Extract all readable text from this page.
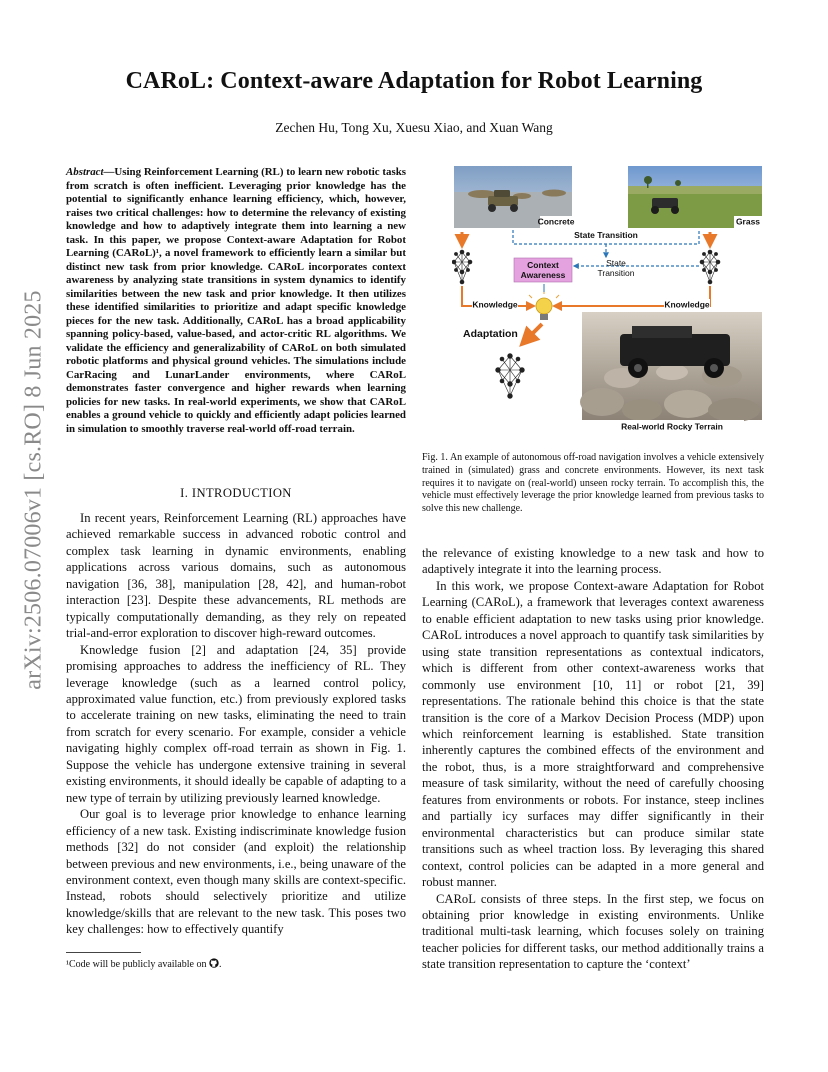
CARoL: Context-aware Adaptation for Robot Learning
Zechen Hu, Tong Xu, Xuesu Xiao, and Xuan Wang
arXiv:2506.07006v1 [cs.RO] 8 Jun 2025
Abstract—Using Reinforcement Learning (RL) to learn new robotic tasks from scratch is often inefficient. Leveraging prior knowledge has the potential to significantly enhance learning efficiency, which, however, raises two critical challenges: how to determine the relevancy of existing knowledge and how to adaptively integrate them into learning a new task. In this paper, we propose Context-aware Adaptation for Robot Learning (CARoL)¹, a novel framework to efficiently learn a similar but distinct new task from prior knowledge. CARoL incorporates context awareness by analyzing state transitions in system dynamics to identify similarities between the new task and prior knowledge. It then utilizes these identified similarities to prioritize and adapt specific knowledge pieces for the new task. Additionally, CARoL has a broad applicability spanning policy-based, value-based, and actor-critic RL algorithms. We validate the efficiency and generalizability of CARoL on both simulated robotic platforms and physical ground vehicles. The simulations include CarRacing and LunarLander environments, where CARoL demonstrates faster convergence and higher rewards when learning policies for new tasks. In real-world experiments, we show that CARoL enables a ground vehicle to quickly and efficiently adapt policies learned in simulation to smoothly traverse real-world off-road terrain.
I. INTRODUCTION

In recent years, Reinforcement Learning (RL) approaches have achieved remarkable success in advanced robotic control and complex task learning in dynamic environments, enabling applications across various domains, such as autonomous navigation [36, 38], manipulation [28, 42], and human-robot interaction [23]. Despite these advancements, RL methods are typically computationally demanding, as they rely on repeated trial-and-error exploration to discover high-reward outcomes.

Knowledge fusion [2] and adaptation [24, 35] provide promising approaches to address the inefficiency of RL. They leverage knowledge (such as a learned control policy, approximated value function, etc.) from previously explored tasks to accelerate training on new tasks, eliminating the need to train from scratch for every scenario. For example, consider a vehicle navigating highly complex off-road terrain as shown in Fig. 1. Suppose the vehicle has undergone extensive training in several existing environments, it should ideally be capable of adapting to a new type of terrain by utilizing previously learned knowledge.

Our goal is to leverage prior knowledge to enhance learning efficiency of a new task. Existing indiscriminate knowledge fusion methods [32] do not consider (and exploit) the relationship between previous and new environments, i.e., being unaware of the environment context, even though many skills are context-specific. Instead, robots should selectively prioritize and utilize knowledge/skills that are relevant to the new task. This poses two key challenges: how to effectively quantify

¹Code will be publicly available on .
Concrete	Grass
State Transition
Context
Awareness
State
Transition
Knowledge	Knowledge
Adaptation
Real-world Rocky Terrain
Fig. 1. An example of autonomous off-road navigation involves a vehicle extensively trained in (simulated) grass and concrete environments. However, its next task requires it to navigate on (real-world) unseen rocky terrain. To accomplish this, the vehicle must effectively leverage the prior knowledge learned from previous tasks to solve this new challenge.

the relevance of existing knowledge to a new task and how to adaptively integrate it into the learning process.

In this work, we propose Context-aware Adaptation for Robot Learning (CARoL), a framework that leverages context awareness to enable efficient adaptation to new tasks using prior knowledge. CARoL introduces a novel approach to quantify task similarities by using state transition representations as contextual indicators, which is different from other context-awareness works that commonly use environment [10, 11] or robot [21, 39] representations. The rationale behind this choice is that the state transition is the core of a Markov Decision Process (MDP) upon which reinforcement learning is established. State transition inherently captures the combined effects of the environment and the robot, thus, is a more straightforward and comprehensive measure of task similarity, without the need of carefully choosing features from environments or robots. For instance, steep inclines and partially icy surfaces may differ significantly in their environmental characteristics but can produce similar state transitions such as wheel traction loss. By leveraging this shared context, control policies can be adapted in a more general and robust manner.

CARoL consists of three steps. In the first step, we focus on obtaining prior knowledge in existing environments. Unlike traditional multi-task learning, which focuses solely on training teacher policies for different tasks, our method additionally trains a state transition representation to capture the ‘context’
